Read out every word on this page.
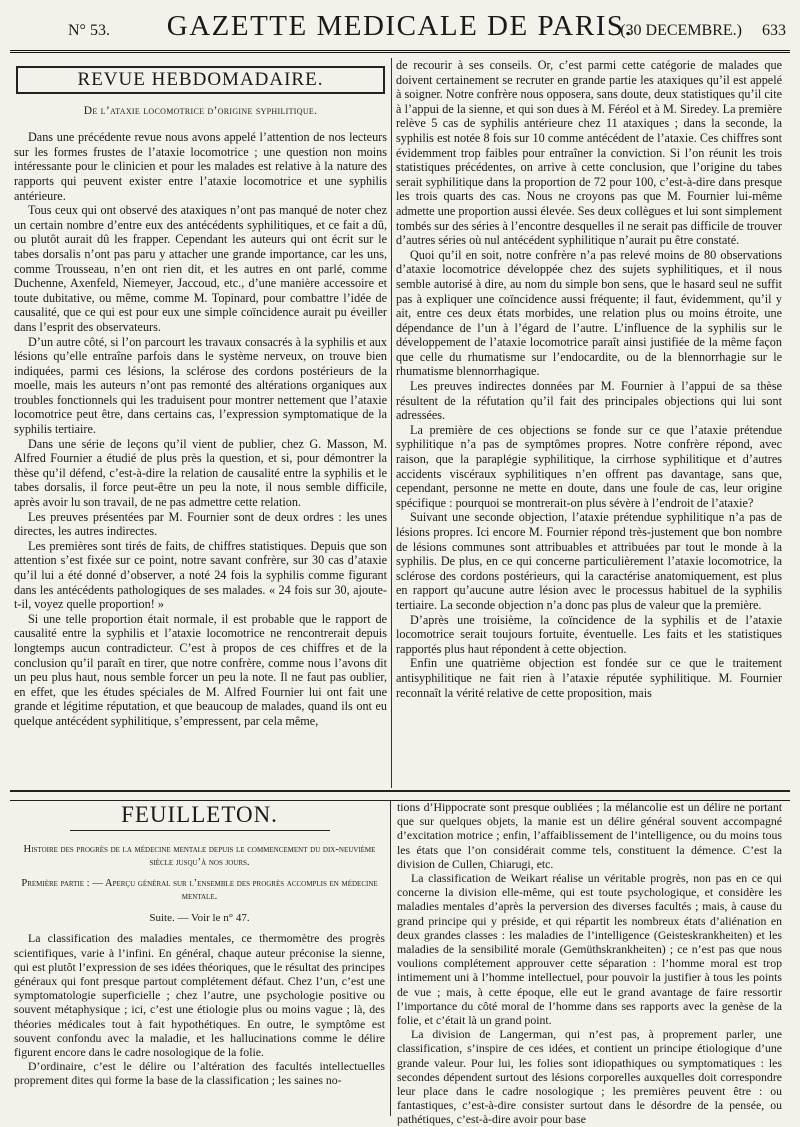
N° 53.	GAZETTE MEDICALE DE PARIS.
(30 DECEMBRE.) 633
REVUE HEBDOMADAIRE.
De l’ataxie locomotrice d’origine syphilitique.

Dans une précédente revue nous avons appelé l’attention de nos lecteurs sur les formes frustes de l’ataxie locomotrice ; une question non moins intéressante pour le clinicien et pour les malades est relative à la nature des rapports qui peuvent exister entre l’ataxie locomotrice et une syphilis antérieure.

Tous ceux qui ont observé des ataxiques n’ont pas manqué de noter chez un certain nombre d’entre eux des antécédents syphilitiques, et ce fait a dû, ou plutôt aurait dû les frapper. Cependant les auteurs qui ont écrit sur le tabes dorsalis n’ont pas paru y attacher une grande importance, car les uns, comme Trousseau, n’en ont rien dit, et les autres en ont parlé, comme Duchenne, Axenfeld, Niemeyer, Jaccoud, etc., d’une manière accessoire et toute dubitative, ou même, comme M. Topinard, pour combattre l’idée de causalité, que ce qui est pour eux une simple coïncidence aurait pu éveiller dans l’esprit des observateurs.

D’un autre côté, si l’on parcourt les travaux consacrés à la syphilis et aux lésions qu’elle entraîne parfois dans le système nerveux, on trouve bien indiquées, parmi ces lésions, la sclérose des cordons postérieurs de la moelle, mais les auteurs n’ont pas remonté des altérations organiques aux troubles fonctionnels qui les traduisent pour montrer nettement que l’ataxie locomotrice peut être, dans certains cas, l’expression symptomatique de la syphilis tertiaire.

Dans une série de leçons qu’il vient de publier, chez G. Masson, M. Alfred Fournier a étudié de plus près la question, et si, pour démontrer la thèse qu’il défend, c’est-à-dire la relation de causalité entre la syphilis et le tabes dorsalis, il force peut-être un peu la note, il nous semble difficile, après avoir lu son travail, de ne pas admettre cette relation.

Les preuves présentées par M. Fournier sont de deux ordres : les unes directes, les autres indirectes.

Les premières sont tirés de faits, de chiffres statistiques. Depuis que son attention s’est fixée sur ce point, notre savant confrère, sur 30 cas d’ataxie qu’il lui a été donné d’observer, a noté 24 fois la syphilis comme figurant dans les antécédents pathologiques de ses malades. « 24 fois sur 30, ajoute-t-il, voyez quelle proportion! »

Si une telle proportion était normale, il est probable que le rapport de causalité entre la syphilis et l’ataxie locomotrice ne rencontrerait depuis longtemps aucun contradicteur. C’est à propos de ces chiffres et de la conclusion qu’il paraît en tirer, que notre confrère, comme nous l’avons dit un peu plus haut, nous semble forcer un peu la note. Il ne faut pas oublier, en effet, que les études spéciales de M. Alfred Fournier lui ont fait une grande et légitime réputation, et que beaucoup de malades, quand ils ont eu quelque antécédent syphilitique, s’empressent, par cela même,

de recourir à ses conseils. Or, c’est parmi cette catégorie de malades que doivent certainement se recruter en grande partie les ataxiques qu’il est appelé à soigner. Notre confrère nous opposera, sans doute, deux statistiques qu’il cite à l’appui de la sienne, et qui son dues à M. Féréol et à M. Siredey. La première relève 5 cas de syphilis antérieure chez 11 ataxiques ; dans la seconde, la syphilis est notée 8 fois sur 10 comme antécédent de l’ataxie. Ces chiffres sont évidemment trop faibles pour entraîner la conviction. Si l’on réunit les trois statistiques précédentes, on arrive à cette conclusion, que l’origine du tabes serait syphilitique dans la proportion de 72 pour 100, c’est-à-dire dans presque les trois quarts des cas. Nous ne croyons pas que M. Fournier lui-même admette une proportion aussi élevée. Ses deux collègues et lui sont simplement tombés sur des séries à l’encontre desquelles il ne serait pas difficile de trouver d’autres séries où nul antécédent syphilitique n’aurait pu être constaté.

Quoi qu’il en soit, notre confrère n’a pas relevé moins de 80 observations d’ataxie locomotrice développée chez des sujets syphilitiques, et il nous semble autorisé à dire, au nom du simple bon sens, que le hasard seul ne suffit pas à expliquer une coïncidence aussi fréquente; il faut, évidemment, qu’il y ait, entre ces deux états morbides, une relation plus ou moins étroite, une dépendance de l’un à l’égard de l’autre. L’influence de la syphilis sur le développement de l’ataxie locomotrice paraît ainsi justifiée de la même façon que celle du rhumatisme sur l’endocardite, ou de la blennorrhagie sur le rhumatisme blennorrhagique.

Les preuves indirectes données par M. Fournier à l’appui de sa thèse résultent de la réfutation qu’il fait des principales objections qui lui sont adressées.

La première de ces objections se fonde sur ce que l’ataxie prétendue syphilitique n’a pas de symptômes propres. Notre confrère répond, avec raison, que la paraplégie syphilitique, la cirrhose syphilitique et d’autres accidents viscéraux syphilitiques n’en offrent pas davantage, sans que, cependant, personne ne mette en doute, dans une foule de cas, leur origine spécifique : pourquoi se montrerait-on plus sévère à l’endroit de l’ataxie?

Suivant une seconde objection, l’ataxie prétendue syphilitique n’a pas de lésions propres. Ici encore M. Fournier répond très-justement que bon nombre de lésions communes sont attribuables et attribuées par tout le monde à la syphilis. De plus, en ce qui concerne particulièrement l’ataxie locomotrice, la sclérose des cordons postérieurs, qui la caractérise anatomiquement, est plus en rapport qu’aucune autre lésion avec le processus habituel de la syphilis tertiaire. La seconde objection n’a donc pas plus de valeur que la première.

D’après une troisième, la coïncidence de la syphilis et de l’ataxie locomotrice serait toujours fortuite, éventuelle. Les faits et les statistiques rapportés plus haut répondent à cette objection.

Enfin une quatrième objection est fondée sur ce que le traitement antisyphilitique ne fait rien à l’ataxie réputée syphilitique. M. Fournier reconnaît la vérité relative de cette proposition, mais

FEUILLETON.
Histoire des progrès de la médecine mentale depuis le commencement du dix-neuvième siècle jusqu’à nos jours.
Première partie : — Aperçu général sur l’ensemble des progrès accomplis en médecine mentale.
Suite. — Voir le n° 47.

La classification des maladies mentales, ce thermomètre des progrès scientifiques, varie à l’infini. En général, chaque auteur préconise la sienne, qui est plutôt l’expression de ses idées théoriques, que le résultat des principes généraux qui font presque partout complétement défaut. Chez l’un, c’est une symptomatologie superficielle ; chez l’autre, une psychologie positive ou souvent métaphysique ; ici, c’est une étiologie plus ou moins vague ; là, des théories médicales tout à fait hypothétiques. En outre, le symptôme est souvent confondu avec la maladie, et les hallucinations comme le délire figurent encore dans le cadre nosologique de la folie.

D’ordinaire, c’est le délire ou l’altération des facultés intellectuelles proprement dites qui forme la base de la classification ; les saines no-

tions d’Hippocrate sont presque oubliées ; la mélancolie est un délire ne portant que sur quelques objets, la manie est un délire général souvent accompagné d’excitation motrice ; enfin, l’affaiblissement de l’intelligence, ou du moins tous les états que l’on considérait comme tels, constituent la démence. C’est la division de Cullen, Chiarugi, etc.

La classification de Weikart réalise un véritable progrès, non pas en ce qui concerne la division elle-même, qui est toute psychologique, et considère les maladies mentales d’après la perversion des diverses facultés ; mais, à cause du grand principe qui y préside, et qui répartit les nombreux états d’aliénation en deux grandes classes : les maladies de l’intelligence (Geisteskrankheiten) et les maladies de la sensibilité morale (Gemüthskrankheiten) ; ce n’est pas que nous voulions complétement approuver cette séparation : l’homme moral est trop intimement uni à l’homme intellectuel, pour pouvoir la justifier à tous les points de vue ; mais, à cette époque, elle eut le grand avantage de faire ressortir l’importance du côté moral de l’homme dans ses rapports avec la genèse de la folie, et c’était là un grand point.

La division de Langerman, qui n’est pas, à proprement parler, une classification, s’inspire de ces idées, et contient un principe étiologique d’une grande valeur. Pour lui, les folies sont idiopathiques ou symptomatiques : les secondes dépendent surtout des lésions corporelles auxquelles doit correspondre leur place dans le cadre nosologique ; les premières peuvent être : ou fantastiques, c’est-à-dire consister surtout dans le désordre de la pensée, ou pathétiques, c’est-à-dire avoir pour base
